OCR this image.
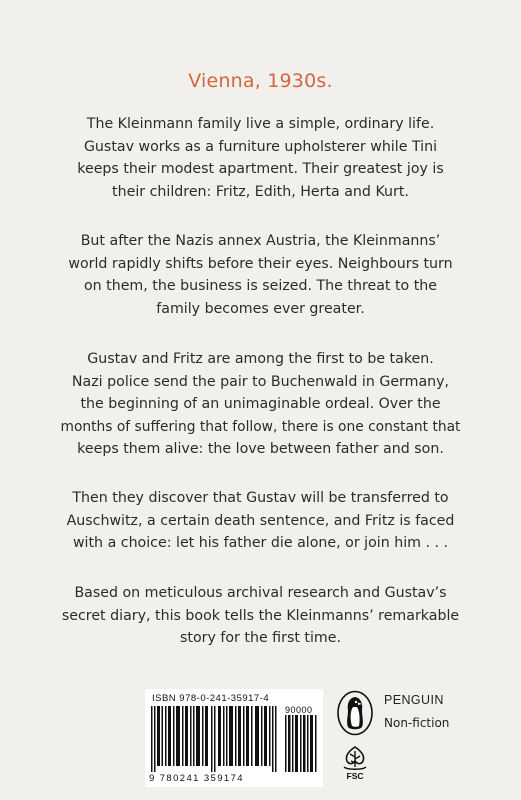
Vienna, 1930s.
The Kleinmann family live a simple, ordinary life.
Gustav works as a furniture upholsterer while Tini
keeps their modest apartment. Their greatest joy is
their children: Fritz, Edith, Herta and Kurt.
But after the Nazis annex Austria, the Kleinmanns’
world rapidly shifts before their eyes. Neighbours turn
on them, the business is seized. The threat to the
family becomes ever greater.
Gustav and Fritz are among the first to be taken.
Nazi police send the pair to Buchenwald in Germany,
the beginning of an unimaginable ordeal. Over the
months of suffering that follow, there is one constant that
keeps them alive: the love between father and son.
Then they discover that Gustav will be transferred to
Auschwitz, a certain death sentence, and Fritz is faced
with a choice: let his father die alone, or join him . . .
Based on meticulous archival research and Gustav’s
secret diary, this book tells the Kleinmanns’ remarkable
story for the first time.
ISBN 978-0-241-35917-4
90000
9 780241 359174	FSC
PENGUIN
Non-fiction
